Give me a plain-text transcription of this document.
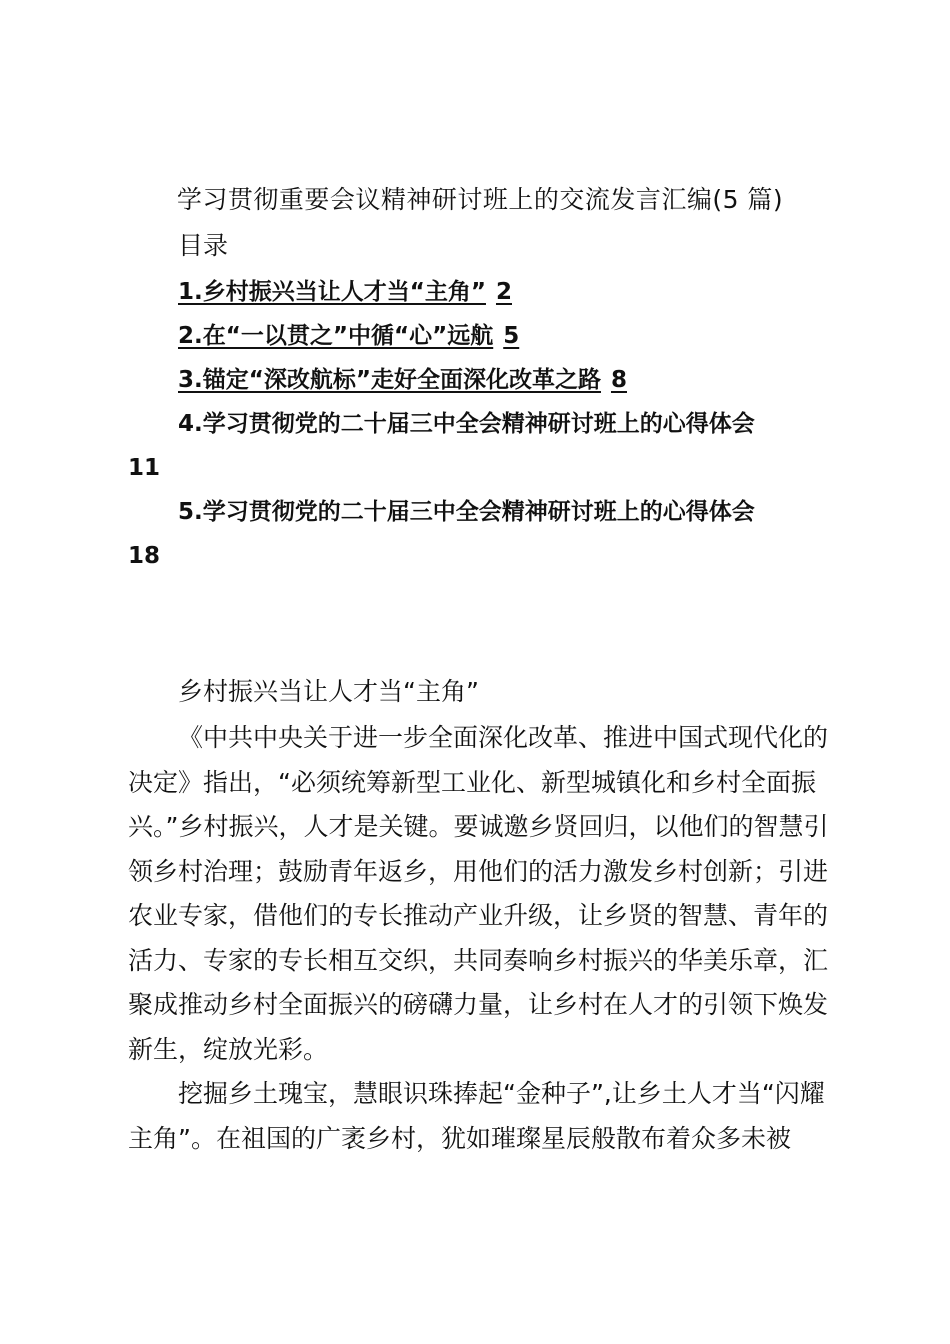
学习贯彻重要会议精神研讨班上的交流发言汇编(5 篇)
目录
1.乡村振兴当让人才当“主角” 2
2.在“一以贯之”中循“心”远航 5
3.锚定“深改航标”走好全面深化改革之路 8
4.学习贯彻党的二十届三中全会精神研讨班上的心得体会
11
5.学习贯彻党的二十届三中全会精神研讨班上的心得体会
18
乡村振兴当让人才当“主角”

《中共中央关于进一步全面深化改革、推进中国式现代化的决定》指出，“必须统筹新型工业化、新型城镇化和乡村全面振兴。”乡村振兴，人才是关键。要诚邀乡贤回归，以他们的智慧引领乡村治理；鼓励青年返乡，用他们的活力激发乡村创新；引进农业专家，借他们的专长推动产业升级，让乡贤的智慧、青年的活力、专家的专长相互交织，共同奏响乡村振兴的华美乐章，汇聚成推动乡村全面振兴的磅礴力量，让乡村在人才的引领下焕发新生，绽放光彩。

挖掘乡土瑰宝，慧眼识珠捧起“金种子”,让乡土人才当“闪耀主角”。在祖国的广袤乡村，犹如璀璨星辰般散布着众多未被
